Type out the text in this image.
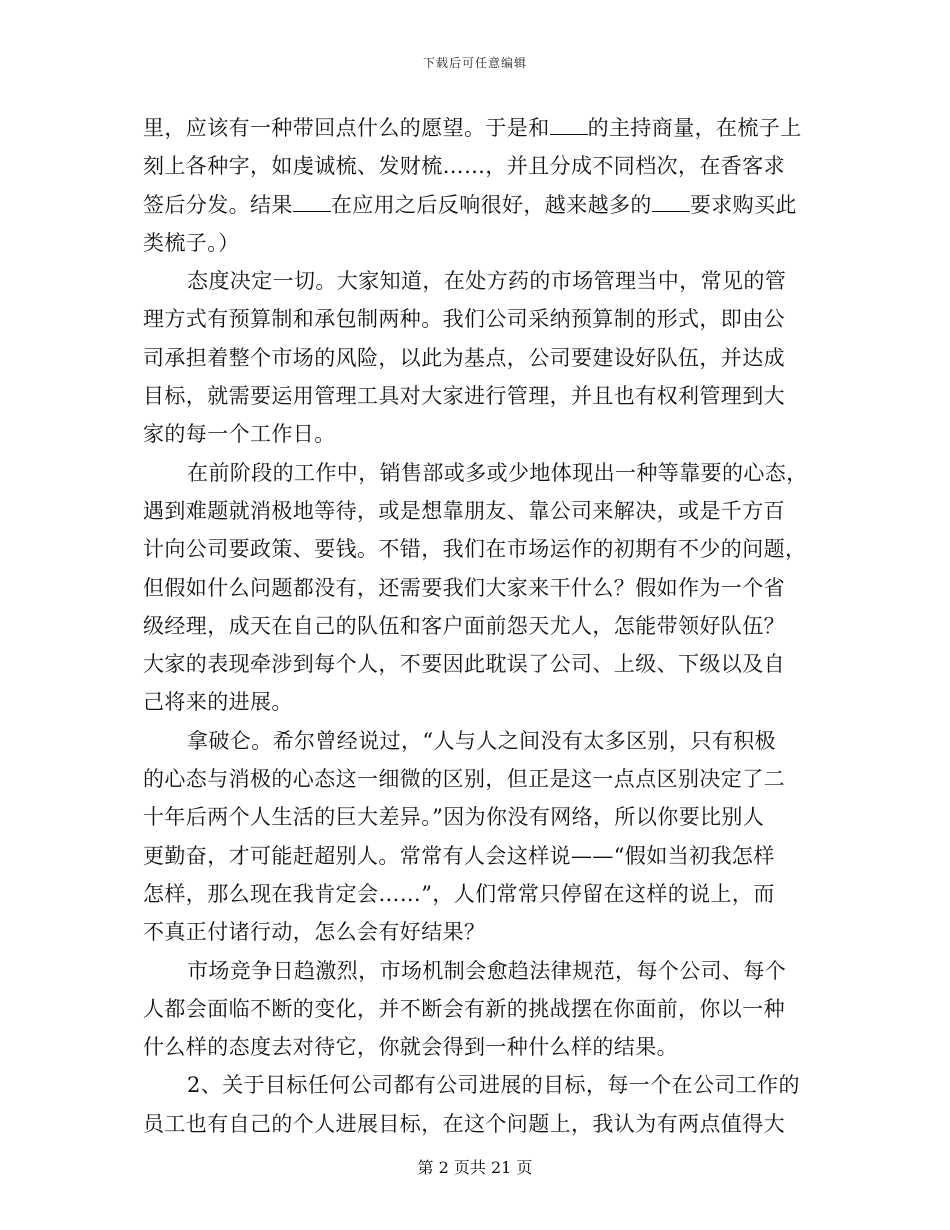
下载后可任意编辑
里，应该有一种带回点什么的愿望。于是和 的主持商量，在梳子上
刻上各种字，如虔诚梳、发财梳……，并且分成不同档次，在香客求
签后分发。结果 在应用之后反响很好，越来越多的 要求购买此
类梳子。）
态度决定一切。大家知道，在处方药的市场管理当中，常见的管
理方式有预算制和承包制两种。我们公司采纳预算制的形式，即由公
司承担着整个市场的风险，以此为基点，公司要建设好队伍，并达成
目标，就需要运用管理工具对大家进行管理，并且也有权利管理到大
家的每一个工作日。
在前阶段的工作中，销售部或多或少地体现出一种等靠要的心态，
遇到难题就消极地等待，或是想靠朋友、靠公司来解决，或是千方百
计向公司要政策、要钱。不错，我们在市场运作的初期有不少的问题，
但假如什么问题都没有，还需要我们大家来干什么？假如作为一个省
级经理，成天在自己的队伍和客户面前怨天尤人，怎能带领好队伍？
大家的表现牵涉到每个人，不要因此耽误了公司、上级、下级以及自
己将来的进展。
拿破仑。希尔曾经说过，“人与人之间没有太多区别，只有积极
的心态与消极的心态这一细微的区别，但正是这一点点区别决定了二
十年后两个人生活的巨大差异。”因为你没有网络，所以你要比别人
更勤奋，才可能赶超别人。常常有人会这样说——“假如当初我怎样
怎样，那么现在我肯定会……”，人们常常只停留在这样的说上，而
不真正付诸行动，怎么会有好结果？
市场竞争日趋激烈，市场机制会愈趋法律规范，每个公司、每个
人都会面临不断的变化，并不断会有新的挑战摆在你面前，你以一种
什么样的态度去对待它，你就会得到一种什么样的结果。
2、关于目标任何公司都有公司进展的目标，每一个在公司工作的
员工也有自己的个人进展目标，在这个问题上，我认为有两点值得大
第 2 页共 21 页
